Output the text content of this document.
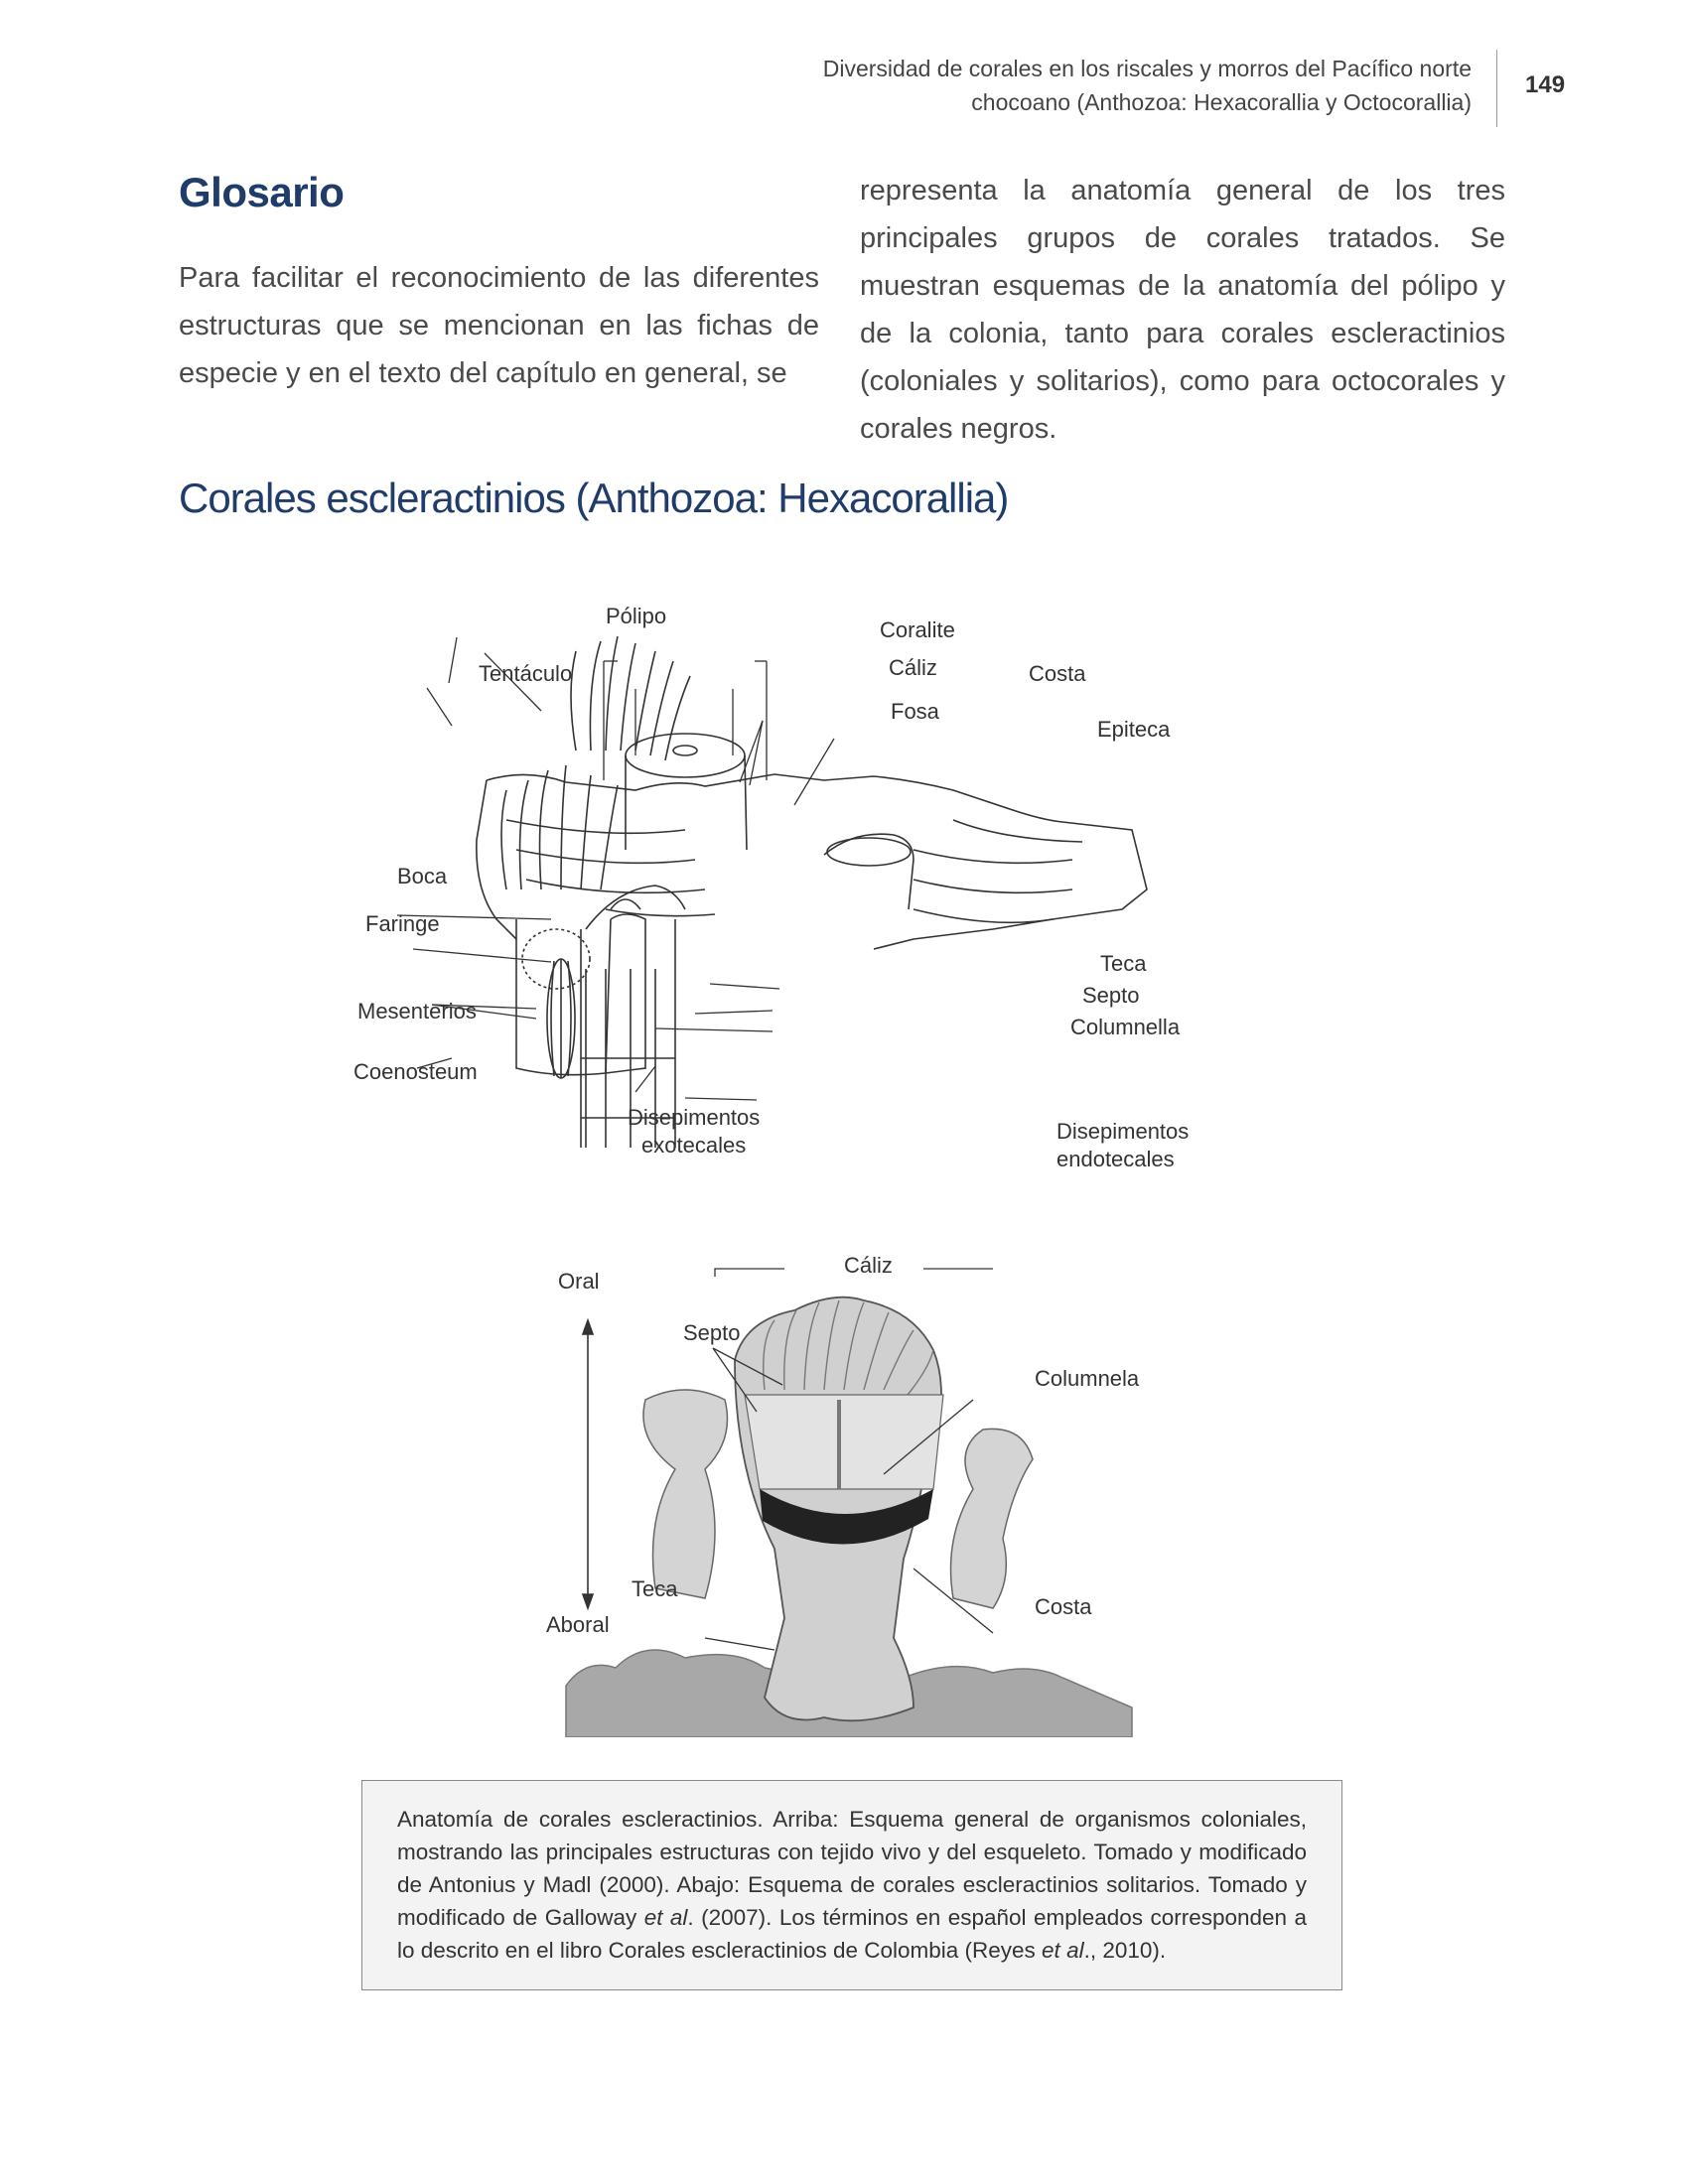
Diversidad de corales en los riscales y morros del Pacífico norte
chocoano (Anthozoa: Hexacorallia y Octocorallia)
149
Glosario
Para facilitar el reconocimiento de las diferentes estructuras que se mencionan en las fichas de especie y en el texto del capítulo en general, se
representa la anatomía general de los tres principales grupos de corales tratados. Se muestran esquemas de la anatomía del pólipo y de la colonia, tanto para corales escleractinios (coloniales y solitarios), como para octocorales y corales negros.
Corales escleractinios (Anthozoa: Hexacorallia)
Pólipo
Tentáculo
Coralite
Cáliz
Fosa
Costa
Epiteca
Boca
Faringe
Mesenterios
Coenosteum
Teca
Septo
Columnella
Disepimentos
exotecales
Disepimentos
endotecales
Cáliz
Oral
Septo
Columnela
Teca
Aboral
Costa
Anatomía de corales escleractinios. Arriba: Esquema general de organismos coloniales, mostrando las principales estructuras con tejido vivo y del esqueleto. Tomado y modificado de Antonius y Madl (2000). Abajo: Esquema de corales escleractinios solitarios. Tomado y modificado de Galloway et al. (2007). Los términos en español empleados corresponden a lo descrito en el libro Corales escleractinios de Colombia (Reyes et al., 2010).
